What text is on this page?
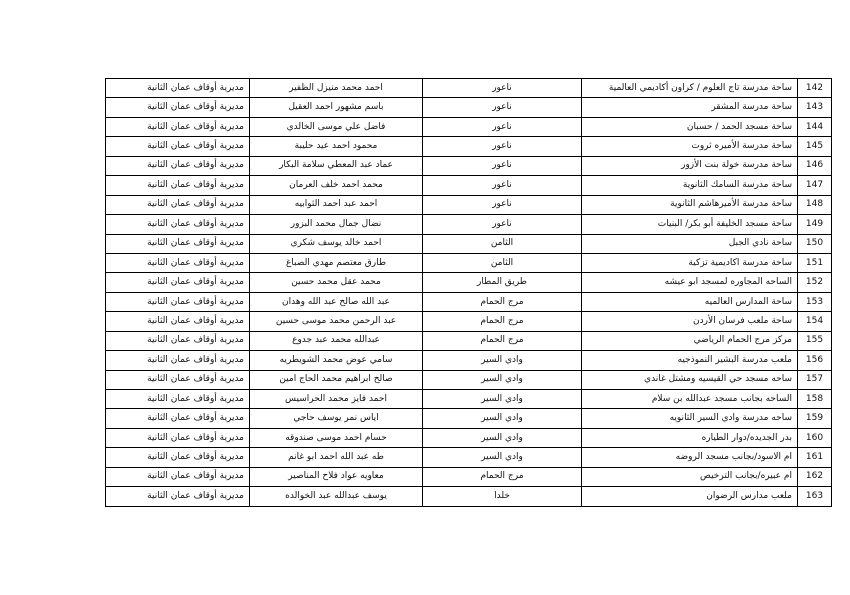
142	ساحة مدرسة تاج العلوم / كراون أكاديمي العالمية	ناعور	احمد محمد منيزل الظفير	مديرية أوقاف عمان الثانية
143	ساحة مدرسة المشقر	ناعور	باسم مشهور احمد العقيل	مديرية أوقاف عمان الثانية
144	ساحة مسجد الحمد / حسبان	ناعور	فاضل علي موسى الخالدي	مديرية أوقاف عمان الثانية
145	ساحة مدرسة الأميره ثروت	ناعور	محمود احمد عيد حليبة	مديرية أوقاف عمان الثانية
146	ساحة مدرسة خولة بنت الأزور	ناعور	عماد عبد المعطي سلامة البكار	مديرية أوقاف عمان الثانية
147	ساحة مدرسة السامك الثانوية	ناعور	محمد احمد خلف العرمان	مديرية أوقاف عمان الثانية
148	ساحة مدرسة الأميرهاشم الثانوية	ناعور	احمد عبد احمد الثوابيه	مديرية أوقاف عمان الثانية
149	ساحة مسجد الخليفة أبو بكر/ البنيات	ناعور	نضال جمال محمد البزور	مديرية أوقاف عمان الثانية
150	ساحة نادي الجبل	الثامن	احمد خالد يوسف شكري	مديرية أوقاف عمان الثانية
151	ساحة مدرسة اكاديمية تزكية	الثامن	طارق معتصم مهدي الصباغ	مديرية أوقاف عمان الثانية
152	الساحه المجاوره لمسجد ابو عيشه	طريق المطار	محمد عقل محمد حسين	مديرية أوقاف عمان الثانية
153	ساحة المدارس العالميه	مرج الحمام	عبد الله صالح عبد الله وهدان	مديرية أوقاف عمان الثانية
154	ساحة ملعب فرسان الأردن	مرج الحمام	عبد الرحمن محمد موسى حسين	مديرية أوقاف عمان الثانية
155	مركز مرج الحمام الرياضي	مرج الحمام	عبدالله محمد عبد جدوع	مديرية أوقاف عمان الثانية
156	ملعب مدرسة البشير النموذجيه	وادي السير	سامي عوض محمد الشويطريه	مديرية أوقاف عمان الثانية
157	ساحه مسجد حي القيسيه ومشتل غاندي	وادي السير	صالح ابراهيم محمد الحاج امين	مديرية أوقاف عمان الثانية
158	الساحه بجانب مسجد عبدالله بن سلام	وادي السير	احمد فايز محمد الحراسيس	مديرية أوقاف عمان الثانية
159	ساحه مدرسة وادي السير الثانويه	وادي السير	اياس نمر يوسف حاجي	مديرية أوقاف عمان الثانية
160	بدر الجديده/دوار الطياره	وادي السير	حسام احمد موسى صندوقه	مديرية أوقاف عمان الثانية
161	ام الاسود/بجانب مسجد الروضه	وادي السير	طه عبد الله احمد ابو غانم	مديرية أوقاف عمان الثانية
162	ام عبيره/بجانب الترخيص	مرج الحمام	معاويه عواد فلاح المناصير	مديرية أوقاف عمان الثانية
163	ملعب مدارس الرضوان	خلدا	يوسف عبدالله عبد الخوالده	مديرية أوقاف عمان الثانية
